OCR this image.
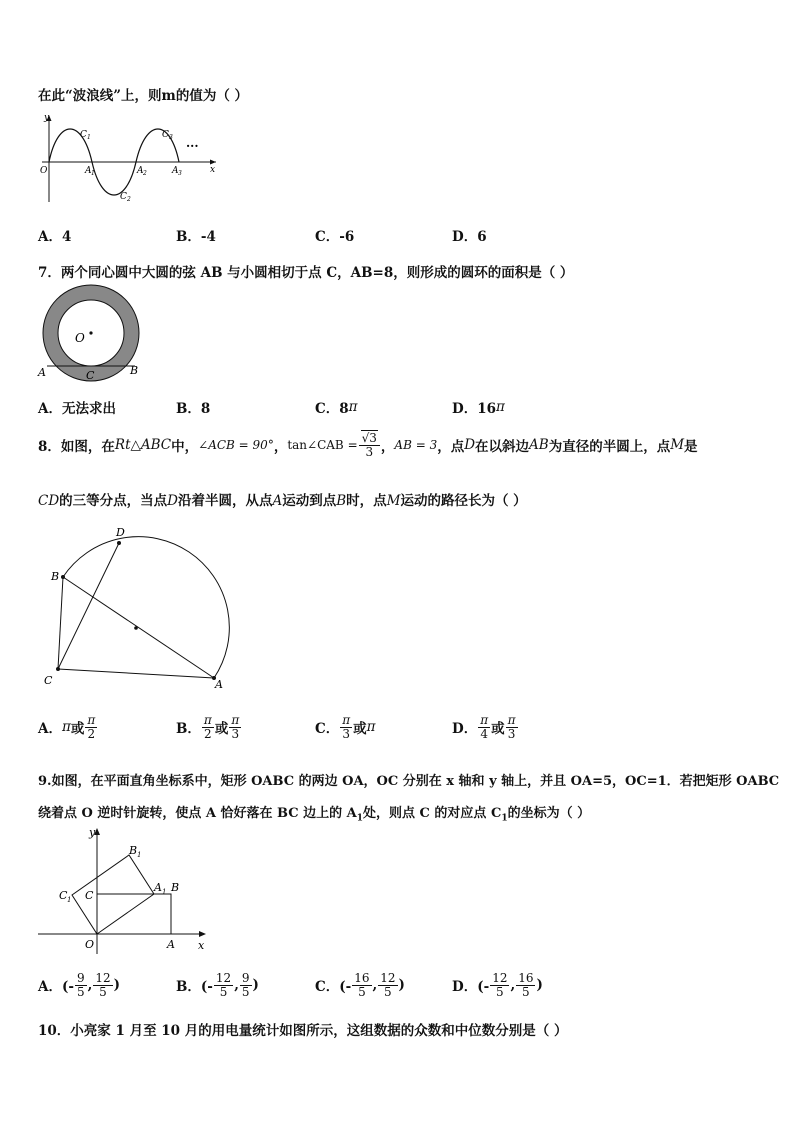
在此“波浪线”上，则m的值为（ ）
y
x
O
C 1
C 2
C 3
A 1	A 2	A 3
···
A．4	B．-4	C．-6	D．6
7．两个同心圆中大圆的弦 AB 与小圆相切于点 C，AB=8，则形成的圆环的面积是（ ）
O
A	B
C
A．无法求出	B．8	C．8 π	D．16 π
8．如图，在 Rt △ ABC 中， ∠ACB = 90° ， tan∠CAB = $\frac{√3}{3}$ ， AB = 3 ，点 D 在以斜边 AB 为直径的半圆上，点 M 是
CD的三等分点，当点D沿着半圆，从点A运动到点B时，点M运动的路径长为（ ）
D
B
C	A
A． π 或 $\frac{\pi}{2}$	B． $\frac{\pi}{2}$ 或 $\frac{\pi}{3}$	C． $\frac{\pi}{3}$ 或 π	D． $\frac{\pi}{4}$ 或 $\frac{\pi}{3}$
9.如图，在平面直角坐标系中，矩形 OABC 的两边 OA，OC 分别在 x 轴和 y 轴上，并且 OA=5，OC=1．若把矩形 OABC
绕着点 O 逆时针旋转，使点 A 恰好落在 BC 边上的 $A_1$处，则点 C 的对应点 $C_1$的坐标为（ ）
y
x
O	A
B
C
B 1
A 1
C 1
A．(- $\frac{9}{5}$ , $\frac{12}{5}$ )	B．(- $\frac{12}{5}$ , $\frac{9}{5}$ )	C．(- $\frac{16}{5}$ , $\frac{12}{5}$ )	D．(- $\frac{12}{5}$ , $\frac{16}{5}$ )
10．小亮家 1 月至 10 月的用电量统计如图所示，这组数据的众数和中位数分别是（ ）
